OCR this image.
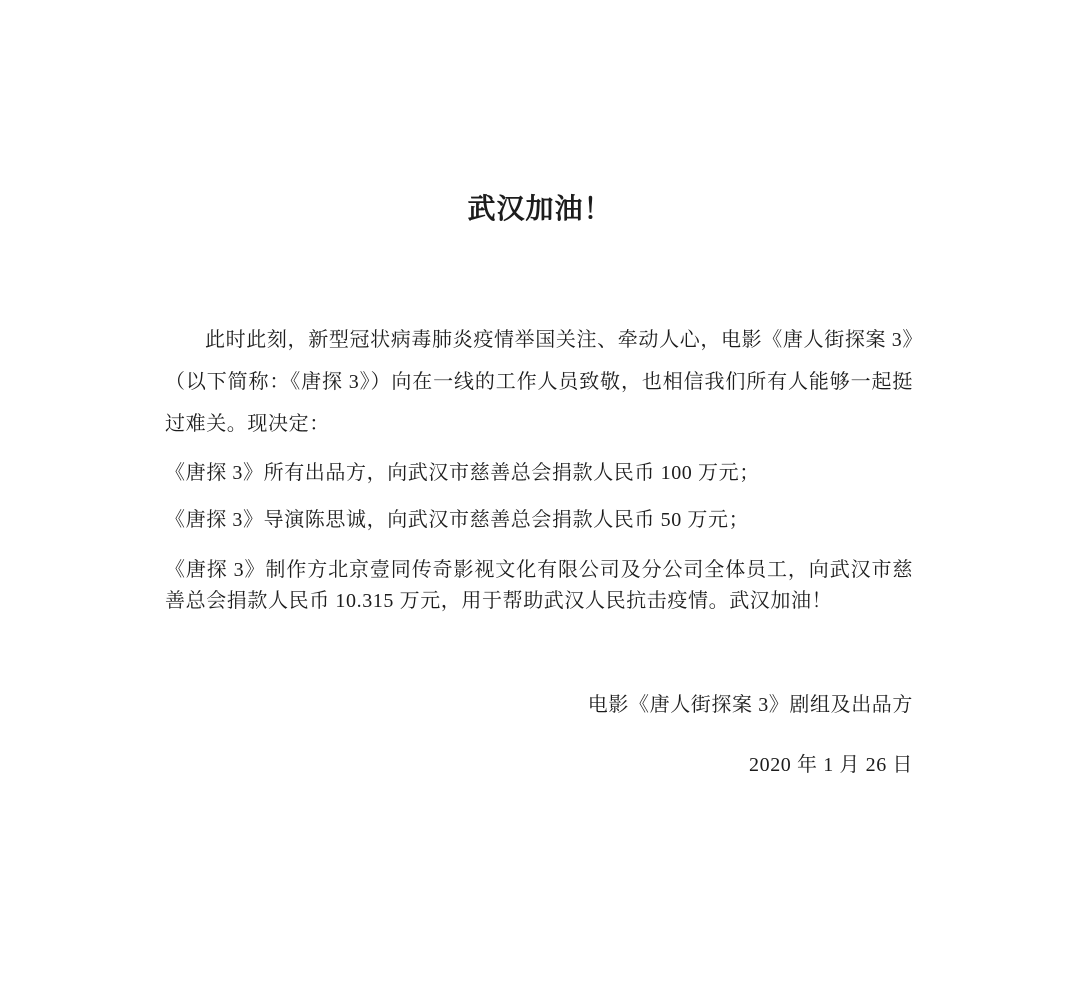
武汉加油！

此时此刻，新型冠状病毒肺炎疫情举国关注、牵动人心，电影《唐人街探案 3》（以下简称：《唐探 3》）向在一线的工作人员致敬，也相信我们所有人能够一起挺过难关。现决定：

《唐探 3》所有出品方，向武汉市慈善总会捐款人民币 100 万元；

《唐探 3》导演陈思诚，向武汉市慈善总会捐款人民币 50 万元；

《唐探 3》制作方北京壹同传奇影视文化有限公司及分公司全体员工，向武汉市慈善总会捐款人民币 10.315 万元，用于帮助武汉人民抗击疫情。武汉加油！

电影《唐人街探案 3》剧组及出品方

2020 年 1 月 26 日
